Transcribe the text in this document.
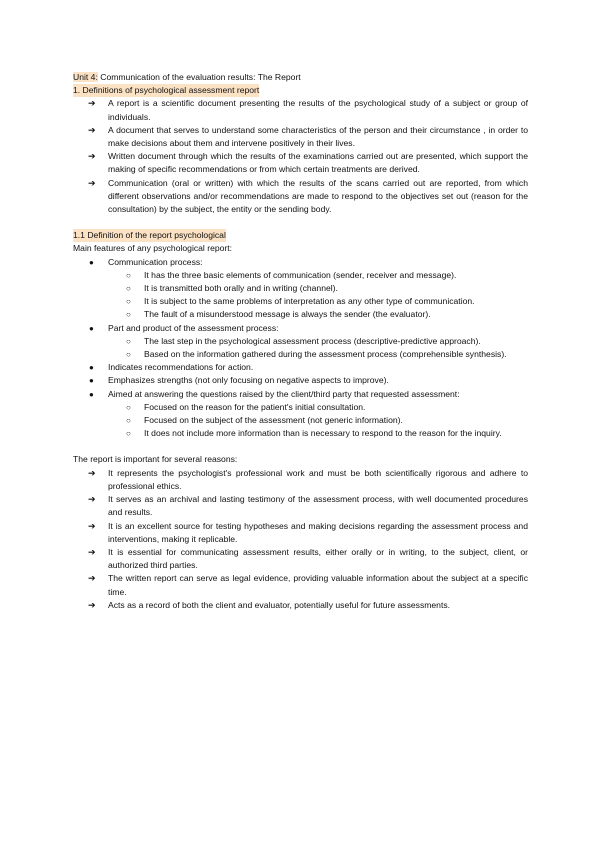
Unit 4: Communication of the evaluation results: The Report

1. Definitions of psychological assessment report

➔ A report is a scientific document presenting the results of the psychological study of a subject or group of individuals.
➔ A document that serves to understand some characteristics of the person and their circumstance , in order to make decisions about them and intervene positively in their lives.
➔ Written document through which the results of the examinations carried out are presented, which support the making of specific recommendations or from which certain treatments are derived.
➔ Communication (oral or written) with which the results of the scans carried out are reported, from which different observations and/or recommendations are made to respond to the objectives set out (reason for the consultation) by the subject, the entity or the sending body.

1.1 Definition of the report psychological

Main features of any psychological report:

● Communication process:
○ It has the three basic elements of communication (sender, receiver and message).
○ It is transmitted both orally and in writing (channel).
○ It is subject to the same problems of interpretation as any other type of communication.
○ The fault of a misunderstood message is always the sender (the evaluator).
● Part and product of the assessment process:
○ The last step in the psychological assessment process (descriptive-predictive approach).
○ Based on the information gathered during the assessment process (comprehensible synthesis).
● Indicates recommendations for action.
● Emphasizes strengths (not only focusing on negative aspects to improve).
● Aimed at answering the questions raised by the client/third party that requested assessment:
○ Focused on the reason for the patient's initial consultation.
○ Focused on the subject of the assessment (not generic information).
○ It does not include more information than is necessary to respond to the reason for the inquiry.

The report is important for several reasons:

➔ It represents the psychologist's professional work and must be both scientifically rigorous and adhere to professional ethics.
➔ It serves as an archival and lasting testimony of the assessment process, with well documented procedures and results.
➔ It is an excellent source for testing hypotheses and making decisions regarding the assessment process and interventions, making it replicable.
➔ It is essential for communicating assessment results, either orally or in writing, to the subject, client, or authorized third parties.
➔ The written report can serve as legal evidence, providing valuable information about the subject at a specific time.
➔ Acts as a record of both the client and evaluator, potentially useful for future assessments.
